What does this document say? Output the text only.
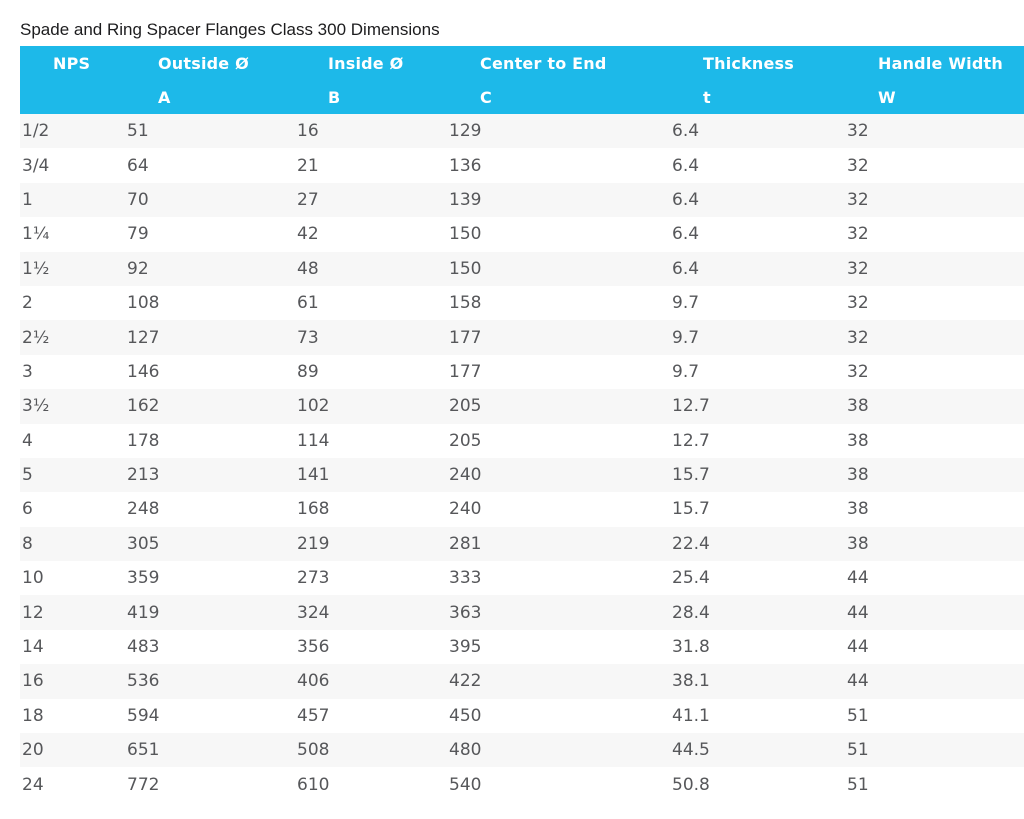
Spade and Ring Spacer Flanges Class 300 Dimensions
NPS	Outside Ø	Inside Ø	Center to End	Thickness	Handle Width
	A	B	C	t	W
1/2	51	16	129	6.4	32
3/4	64	21	136	6.4	32
1	70	27	139	6.4	32
1¼	79	42	150	6.4	32
1½	92	48	150	6.4	32
2	108	61	158	9.7	32
2½	127	73	177	9.7	32
3	146	89	177	9.7	32
3½	162	102	205	12.7	38
4	178	114	205	12.7	38
5	213	141	240	15.7	38
6	248	168	240	15.7	38
8	305	219	281	22.4	38
10	359	273	333	25.4	44
12	419	324	363	28.4	44
14	483	356	395	31.8	44
16	536	406	422	38.1	44
18	594	457	450	41.1	51
20	651	508	480	44.5	51
24	772	610	540	50.8	51
